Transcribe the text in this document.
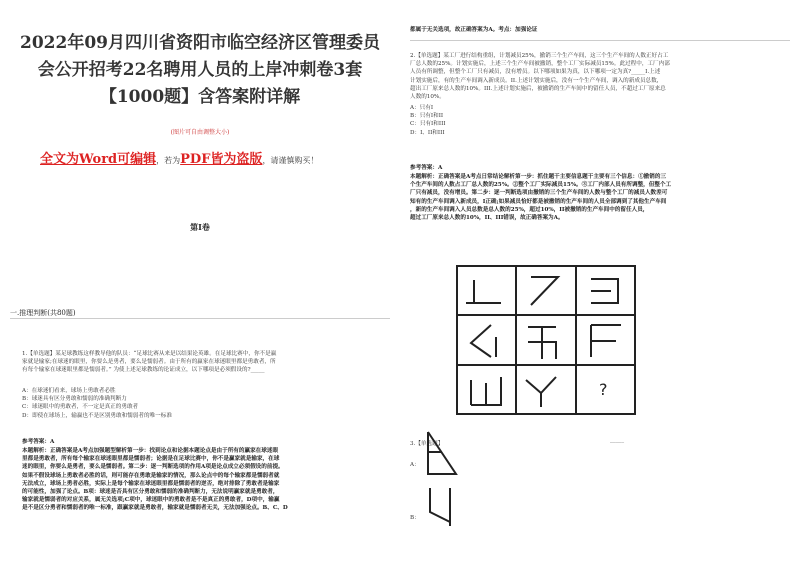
2022年09月四川省资阳市临空经济区管理委员
会公开招考22名聘用人员的上岸冲刺卷3套
【1000题】含答案附详解
(图片可自由调整大小)
全文为Word可编辑，若为PDF皆为盗版，请谨慎购买！
第I卷
一.推理判断(共80题)
1.【单选题】某足球教练这样教导他的队员：“足球比赛从来是以结果论英雄。在足球比赛中，你不是赢
家就是输家;在球迷的眼里，你要么是勇者，要么是懦弱者。由于所有的赢家在球迷眼里都是勇敢者，所
有每个输家在球迷眼里都是懦弱者。” 为使上述足球教练的论证成立，以下哪项是必须假设的?_____
A：在球迷们看来，球场上勇敢者必胜
B：球迷具有区分勇敢和懦弱的准确判断力
C：球迷眼中的勇敢者，不一定是真正的勇敢者
D：即使在球场上，输赢也不是区别勇敢和懦弱者的唯一标准
参考答案：A
本题解析：正确答案是A考点加强题型解析第一步：找到论点和论据本题论点是由于所有的赢家在球迷眼
里都是勇敢者，所有每个输家在球迷眼里都是懦弱者；论据是在足球比赛中，你不是赢家就是输家，在球
迷的眼里，你要么是勇者，要么是懦弱者。第二步：逐一判断选项的作用A项是论点成立必须假设的前提。
如果不假设球场上勇敢者必胜的话，则可能存在勇敢是输家的情况，那么论点中的每个输家都是懦弱者就
无法成立，球场上勇者必胜，实际上是每个输家在球迷眼里都是懦弱者的逆否，绝对排除了勇敢者是输家
的可能性，加强了论点。B项：球迷是否具有区分勇敢和懦弱的准确判断力，无法说明赢家就是勇敢者，
输家就是懦弱者的对应关系，属无关选项;C项中，球迷眼中的勇敢者是不是真正的勇敢者，D项中，输赢
是不是区分勇者和懦弱者的唯一标准，跟赢家就是勇敢者，输家就是懦弱者无关，无法加强论点。B、C、D
都属于无关选项，故正确答案为A。考点：加强论证
2.【单选题】某工厂进行结构重组，计划减员25%，撤销三个生产车间，这三个生产车间的人数正好占工
厂总人数的25%。计划实施后，上述三个生产车间被撤销，整个工厂实际减员15%。此过程中，工厂内部
人员有所调整，但整个工厂只有减员，没有增员。以下哪项如果为真，以下哪项一定为真?_____I.上述
计划实施后，有的生产车间调入新成员。II.上述计划实施后，没有一个生产车间，调入的新成员总数，
超出工厂原来总人数的10%。III.上述计划实施后，被撤销的生产车间中的留任人员，不超过工厂原来总
人数的10%。
A：只有I
B：只有I和II
C：只有I和III
D：I、II和III
参考答案：A
本题解析：正确答案是A考点日常结论解析第一步：抓住题干主要信息题干主要有三个信息：①撤销的三
个生产车间的人数占工厂总人数的25%。②整个工厂实际减员15%。③工厂内部人员有所调整，但整个工
厂只有减员，没有增员。第二步：逐一判断选项由撤销的三个生产车间的人数与整个工厂的减员人数差可
知有的生产车间调入新成员，I正确;如果减员恰好都是被撤销的生产车间的人员全部调到了其他生产车间
，新的生产车间调入人员总数是总人数的25%，超过10%，II被撤销的生产车间中的留任人员，
超过工厂原来总人数的10%，II、III错误，故正确答案为A。
3.【单选题】
_____
A：
B：
?
